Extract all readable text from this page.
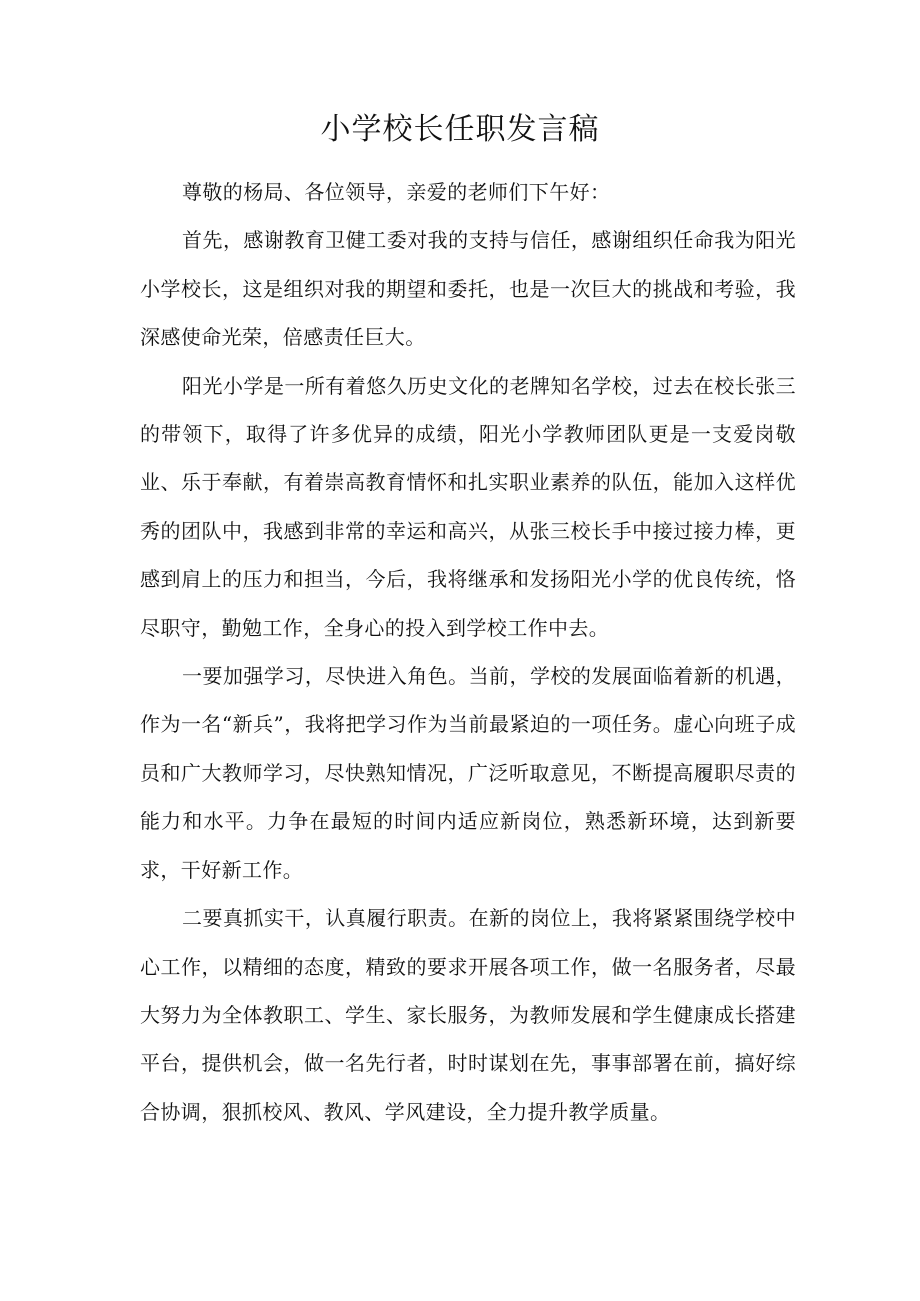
小学校长任职发言稿

尊敬的杨局、各位领导，亲爱的老师们下午好：

首先，感谢教育卫健工委对我的支持与信任，感谢组织任命我为阳光小学校长，这是组织对我的期望和委托，也是一次巨大的挑战和考验，我深感使命光荣，倍感责任巨大。

阳光小学是一所有着悠久历史文化的老牌知名学校，过去在校长张三的带领下，取得了许多优异的成绩，阳光小学教师团队更是一支爱岗敬业、乐于奉献，有着崇高教育情怀和扎实职业素养的队伍，能加入这样优秀的团队中，我感到非常的幸运和高兴，从张三校长手中接过接力棒，更感到肩上的压力和担当，今后，我将继承和发扬阳光小学的优良传统，恪尽职守，勤勉工作，全身心的投入到学校工作中去。

一要加强学习，尽快进入角色。当前，学校的发展面临着新的机遇，作为一名“新兵”，我将把学习作为当前最紧迫的一项任务。虚心向班子成员和广大教师学习，尽快熟知情况，广泛听取意见，不断提高履职尽责的能力和水平。力争在最短的时间内适应新岗位，熟悉新环境，达到新要求，干好新工作。

二要真抓实干，认真履行职责。在新的岗位上，我将紧紧围绕学校中心工作，以精细的态度，精致的要求开展各项工作，做一名服务者，尽最大努力为全体教职工、学生、家长服务，为教师发展和学生健康成长搭建平台，提供机会，做一名先行者，时时谋划在先，事事部署在前，搞好综合协调，狠抓校风、教风、学风建设，全力提升教学质量。
